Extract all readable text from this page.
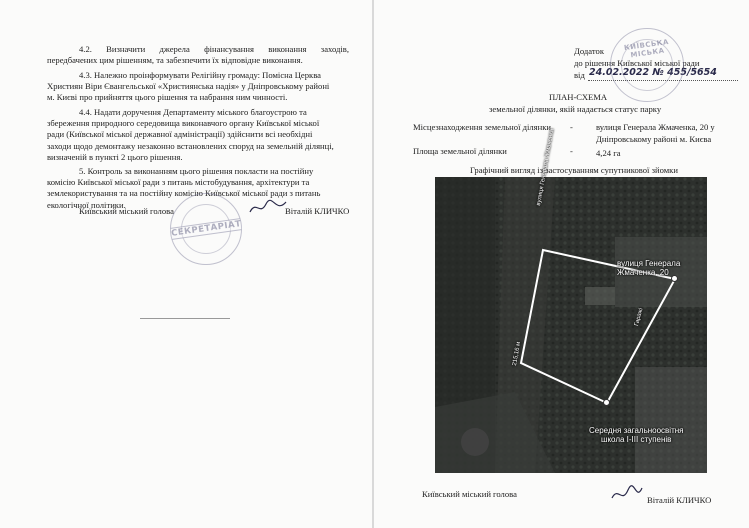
4.2. Визначити джерела фінансування виконання заходів,
передбачених цим рішенням, та забезпечити їх відповідне виконання.
4.3. Належно проінформувати Релігійну громаду: Помісна Церква
Християн Віри Євангельської «Християнська надія» у Дніпровському районі
м. Києві про прийняття цього рішення та набрання ним чинності.
4.4. Надати доручення Департаменту міського благоустрою та
збереження природного середовища виконавчого органу Київської міської
ради (Київської міської державної адміністрації) здійснити всі необхідні
заходи щодо демонтажу незаконно встановлених споруд на земельній ділянці,
визначеній в пункті 2 цього рішення.
5. Контроль за виконанням цього рішення покласти на постійну
комісію Київської міської ради з питань містобудування, архітектури та
землекористування та на постійну комісію Київської міської ради з питань
екологічної політики.
Київський міський голова
СЕКРЕТАРІАТ
Віталій КЛИЧКО
Додаток
до рішення Київської міської ради
від 24.02.2022 № 455/5654
КИЇВСЬКА МІСЬКА
ПЛАН-СХЕМА
земельної ділянки, якій надається статус парку
Місцезнаходження земельної ділянки -	вулиця Генерала Жмаченка, 20 у
Дніпровському районі м. Києва
Площа земельної ділянки	-	4,24 га
Графічний вигляд із застосуванням супутникової зйомки
вулиця Генерала
Жмаченка, 20
вулиця Генерала Жмаченка
215,16 м
Гаражі
Середня загальноосвітня
школа І-ІІІ ступенів
Київський міський голова
Віталій КЛИЧКО
